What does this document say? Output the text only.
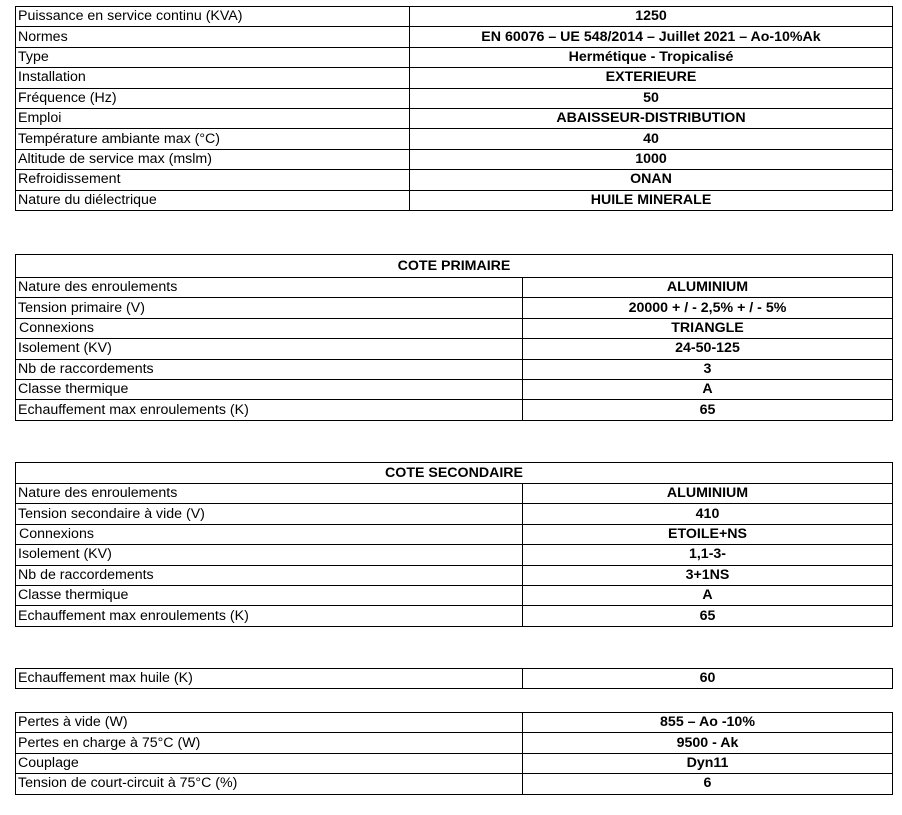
Puissance en service continu (KVA)	1250
Normes	EN 60076 – UE 548/2014 – Juillet 2021 – Ao-10%Ak
Type	Hermétique - Tropicalisé
Installation	EXTERIEURE
Fréquence (Hz)	50
Emploi	ABAISSEUR-DISTRIBUTION
Température ambiante max (°C)	40
Altitude de service max (mslm)	1000
Refroidissement	ONAN
Nature du diélectrique	HUILE MINERALE
COTE PRIMAIRE	
Nature des enroulements	ALUMINIUM
Tension primaire (V)	20000 + / - 2,5% + / - 5%
Connexions	TRIANGLE
Isolement (KV)	24-50-125
Nb de raccordements	3
Classe thermique	A
Echauffement max enroulements (K)	65
COTE SECONDAIRE	
Nature des enroulements	ALUMINIUM
Tension secondaire à vide (V)	410
Connexions	ETOILE+NS
Isolement (KV)	1,1-3-
Nb de raccordements	3+1NS
Classe thermique	A
Echauffement max enroulements (K)	65
Echauffement max huile (K)	60
Pertes à vide (W)	855 – Ao -10%
Pertes en charge à 75°C (W)	9500 - Ak
Couplage	Dyn11
Tension de court-circuit à 75°C (%)	6
